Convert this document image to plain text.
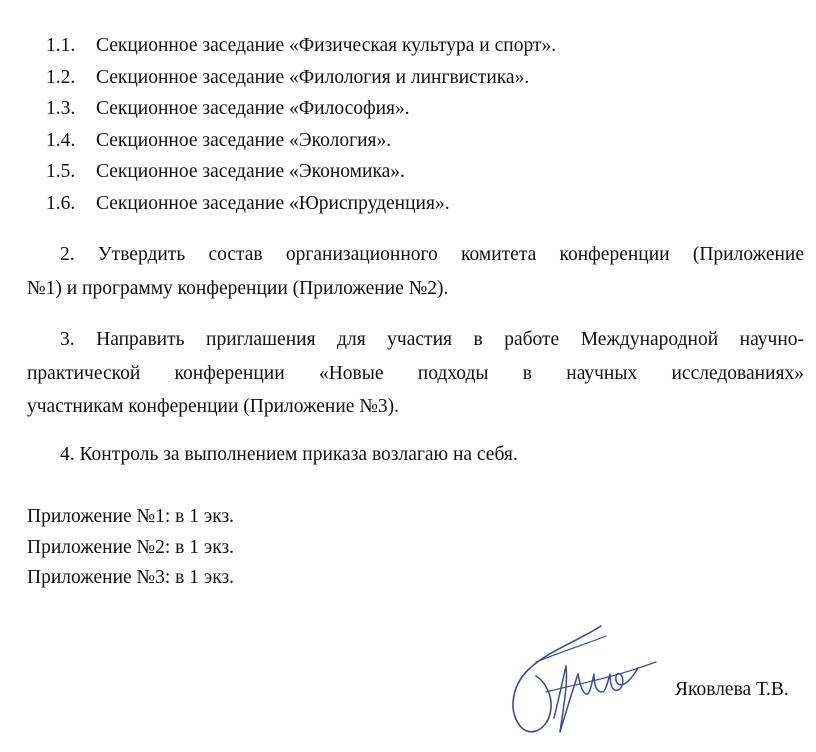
1.1.	Секционное заседание «Физическая культура и спорт».
1.2.	Секционное заседание «Филология и лингвистика».
1.3.	Секционное заседание «Философия».
1.4.	Секционное заседание «Экология».
1.5.	Секционное заседание «Экономика».
1.6.	Секционное заседание «Юриспруденция».
2. Утвердить состав организационного комитета конференции (Приложение
№1) и программу конференции (Приложение №2).
3. Направить приглашения для участия в работе Международной научно-
практической конференции «Новые подходы в научных исследованиях»
участникам конференции (Приложение №3).
4. Контроль за выполнением приказа возлагаю на себя.
Приложение №1: в 1 экз.
Приложение №2: в 1 экз.
Приложение №3: в 1 экз.
Яковлева Т.В.
